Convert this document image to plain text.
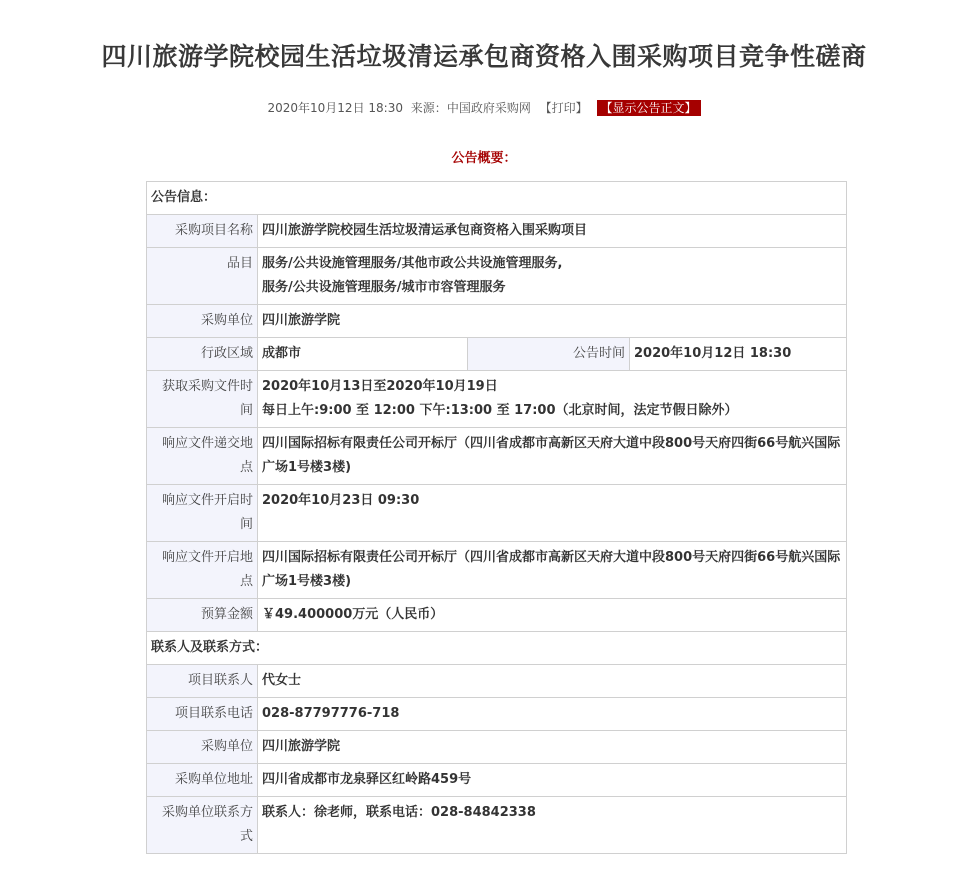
四川旅游学院校园生活垃圾清运承包商资格入围采购项目竞争性磋商
2020年10月12日 18:30 来源：中国政府采购网 【打印】 【显示公告正文】
公告概要：
公告信息：			
采购项目名称	四川旅游学院校园生活垃圾清运承包商资格入围采购项目		
品目	服务/公共设施管理服务/其他市政公共设施管理服务,
服务/公共设施管理服务/城市市容管理服务		

采购单位	四川旅游学院		
行政区域	成都市	公告时间	2020年10月12日 18:30
获取采购文件时间	2020年10月13日至2020年10月19日
每日上午:9:00 至 12:00 下午:13:00 至 17:00（北京时间，法定节假日除外）		

响应文件递交地点	四川国际招标有限责任公司开标厅（四川省成都市高新区天府大道中段800号天府四街66号航兴国际广场1号楼3楼)		
响应文件开启时间	2020年10月23日 09:30		
响应文件开启地点	四川国际招标有限责任公司开标厅（四川省成都市高新区天府大道中段800号天府四街66号航兴国际广场1号楼3楼)		
预算金额	￥49.400000万元（人民币）		
联系人及联系方式：			
项目联系人	代女士		
项目联系电话	028-87797776-718		
采购单位	四川旅游学院		
采购单位地址	四川省成都市龙泉驿区红岭路459号		
采购单位联系方式	联系人：徐老师，联系电话：028-84842338		
